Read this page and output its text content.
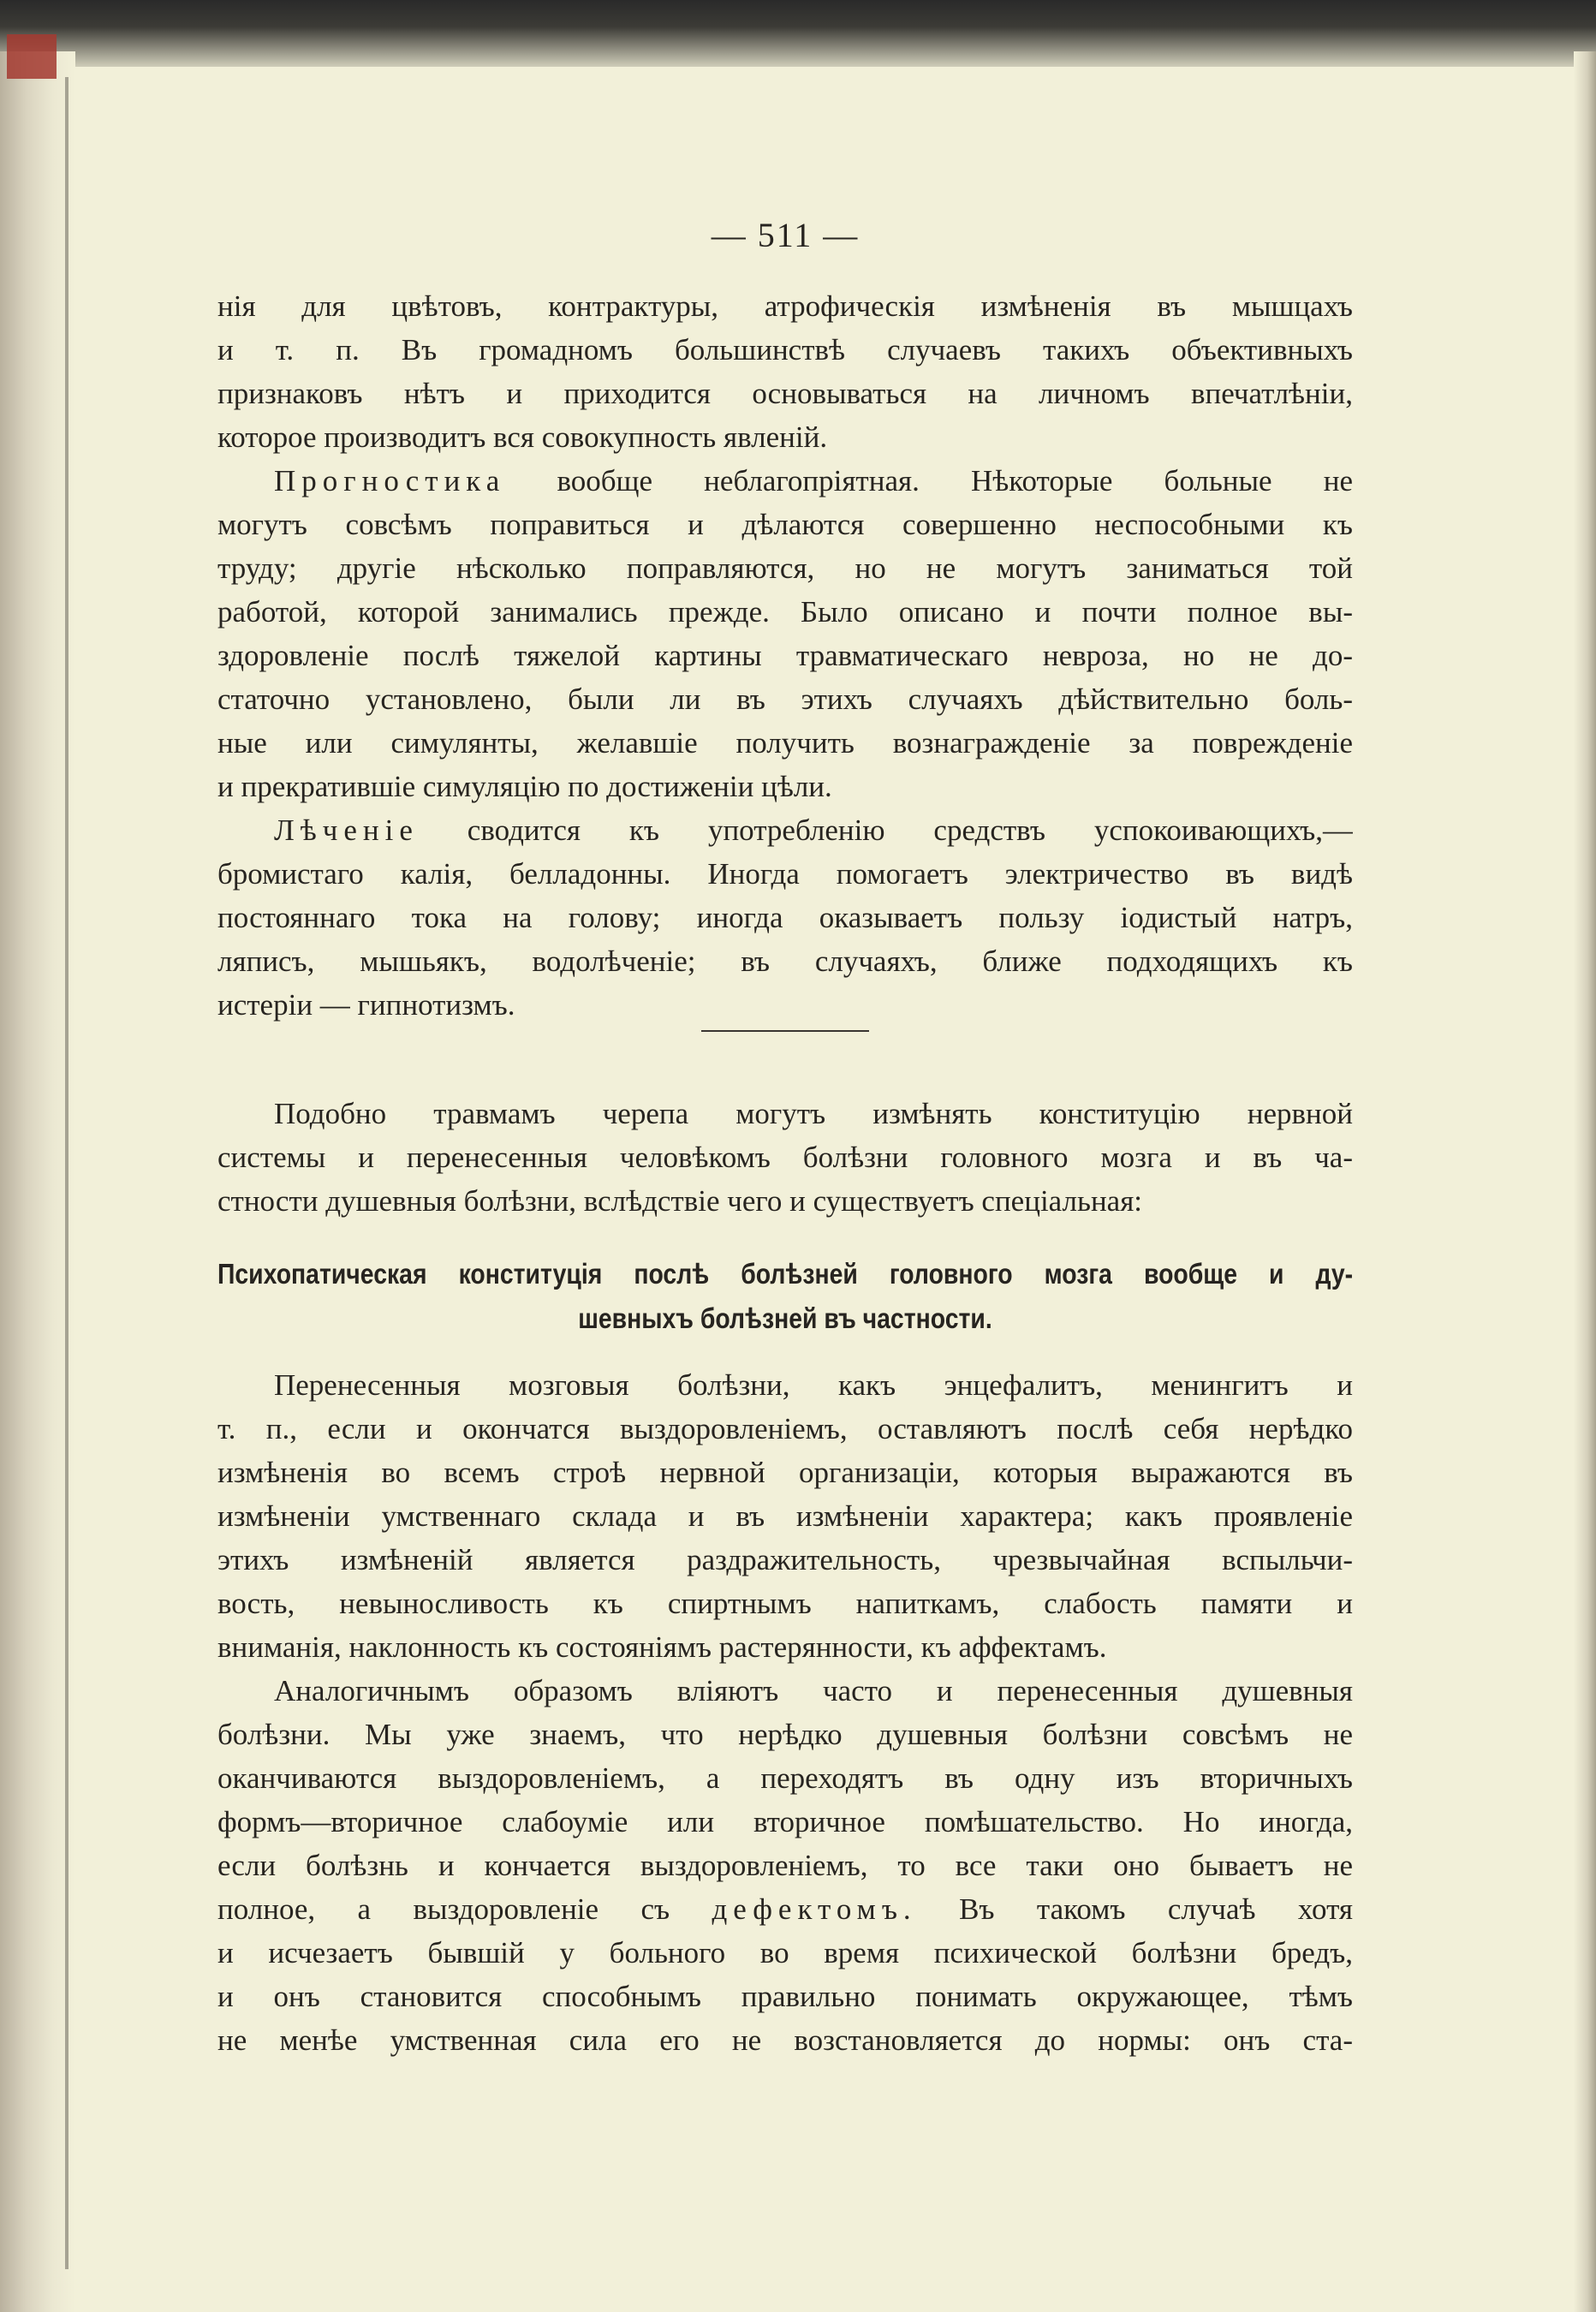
— 511 —
нія для цвѣтовъ, контрактуры, атрофическія измѣненія въ мышцахъ
и т. п. Въ громадномъ большинствѣ случаевъ такихъ объективныхъ
признаковъ нѣтъ и приходится основываться на личномъ впечатлѣніи,
которое производитъ вся совокупность явленій.
Прогностика вообще неблагопріятная. Нѣкоторые больные не
могутъ совсѣмъ поправиться и дѣлаются совершенно неспособными къ
труду; другіе нѣсколько поправляются, но не могутъ заниматься той
работой, которой занимались прежде. Было описано и почти полное вы-
здоровленіе послѣ тяжелой картины травматическаго невроза, но не до-
статочно установлено, были ли въ этихъ случаяхъ дѣйствительно боль-
ные или симулянты, желавшіе получить вознагражденіе за поврежденіе
и прекратившіе симуляцію по достиженіи цѣли.
Лѣченіе сводится къ употребленію средствъ успокоивающихъ,—
бромистаго калія, белладонны. Иногда помогаетъ электричество въ видѣ
постояннаго тока на голову; иногда оказываетъ пользу іодистый натръ,
ляписъ, мышьякъ, водолѣченіе; въ случаяхъ, ближе подходящихъ къ
истеріи — гипнотизмъ.
Подобно травмамъ черепа могутъ измѣнять конституцію нервной
системы и перенесенныя человѣкомъ болѣзни головного мозга и въ ча-
стности душевныя болѣзни, вслѣдствіе чего и существуетъ спеціальная:
Психопатическая конституція послѣ болѣзней головного мозга вообще и ду-
шевныхъ болѣзней въ частности.
Перенесенныя мозговыя болѣзни, какъ энцефалитъ, менингитъ и
т. п., если и окончатся выздоровленіемъ, оставляютъ послѣ себя нерѣдко
измѣненія во всемъ строѣ нервной организаціи, которыя выражаются въ
измѣненіи умственнаго склада и въ измѣненіи характера; какъ проявленіе
этихъ измѣненій является раздражительность, чрезвычайная вспыльчи-
вость, невыносливость къ спиртнымъ напиткамъ, слабость памяти и
вниманія, наклонность къ состояніямъ растерянности, къ аффектамъ.
Аналогичнымъ образомъ вліяютъ часто и перенесенныя душевныя
болѣзни. Мы уже знаемъ, что нерѣдко душевныя болѣзни совсѣмъ не
оканчиваются выздоровленіемъ, а переходятъ въ одну изъ вторичныхъ
формъ—вторичное слабоуміе или вторичное помѣшательство. Но иногда,
если болѣзнь и кончается выздоровленіемъ, то все таки оно бываетъ не
полное, а выздоровленіе съ дефектомъ. Въ такомъ случаѣ хотя
и исчезаетъ бывшій у больного во время психической болѣзни бредъ,
и онъ становится способнымъ правильно понимать окружающее, тѣмъ
не менѣе умственная сила его не возстановляется до нормы: онъ ста-
